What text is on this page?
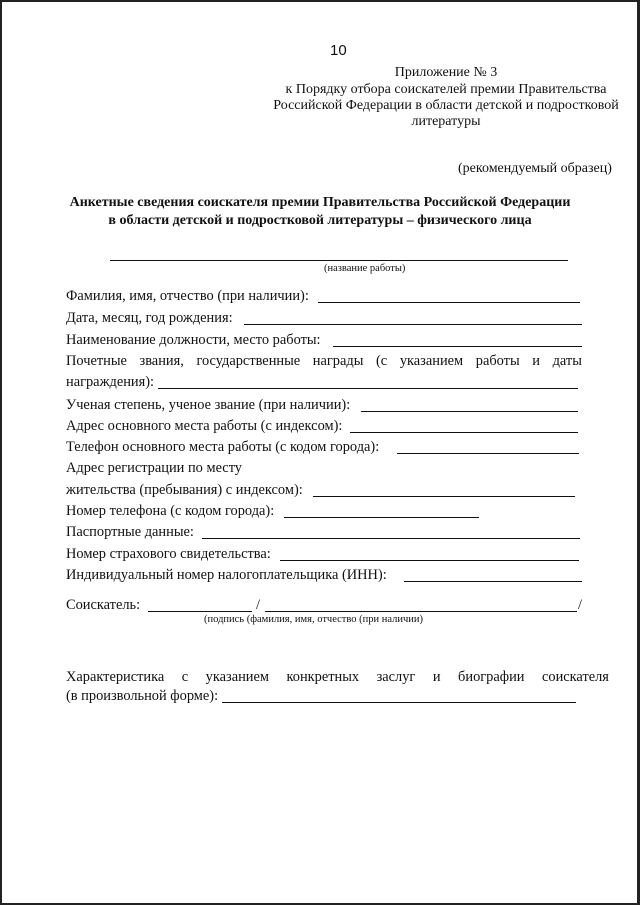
10
Приложение № 3
к Порядку отбора соискателей премии Правительства
Российской Федерации в области детской и подростковой
литературы
(рекомендуемый образец)
Анкетные сведения соискателя премии Правительства Российской Федерации
в области детской и подростковой литературы – физического лица
(название работы)
Фамилия, имя, отчество (при наличии):
Дата, месяц, год рождения:
Наименование должности, место работы:
Почетные звания, государственные награды (с указанием работы и даты
награждения):
Ученая степень, ученое звание (при наличии):
Адрес основного места работы (с индексом):
Телефон основного места работы (с кодом города):
Адрес регистрации по месту
жительства (пребывания) с индексом):
Номер телефона (с кодом города):
Паспортные данные:
Номер страхового свидетельства:
Индивидуальный номер налогоплательщика (ИНН):
Соискатель:	/	/
(подпись (фамилия, имя, отчество (при наличии)
Характеристика с указанием конкретных заслуг и биографии соискателя
(в произвольной форме):
